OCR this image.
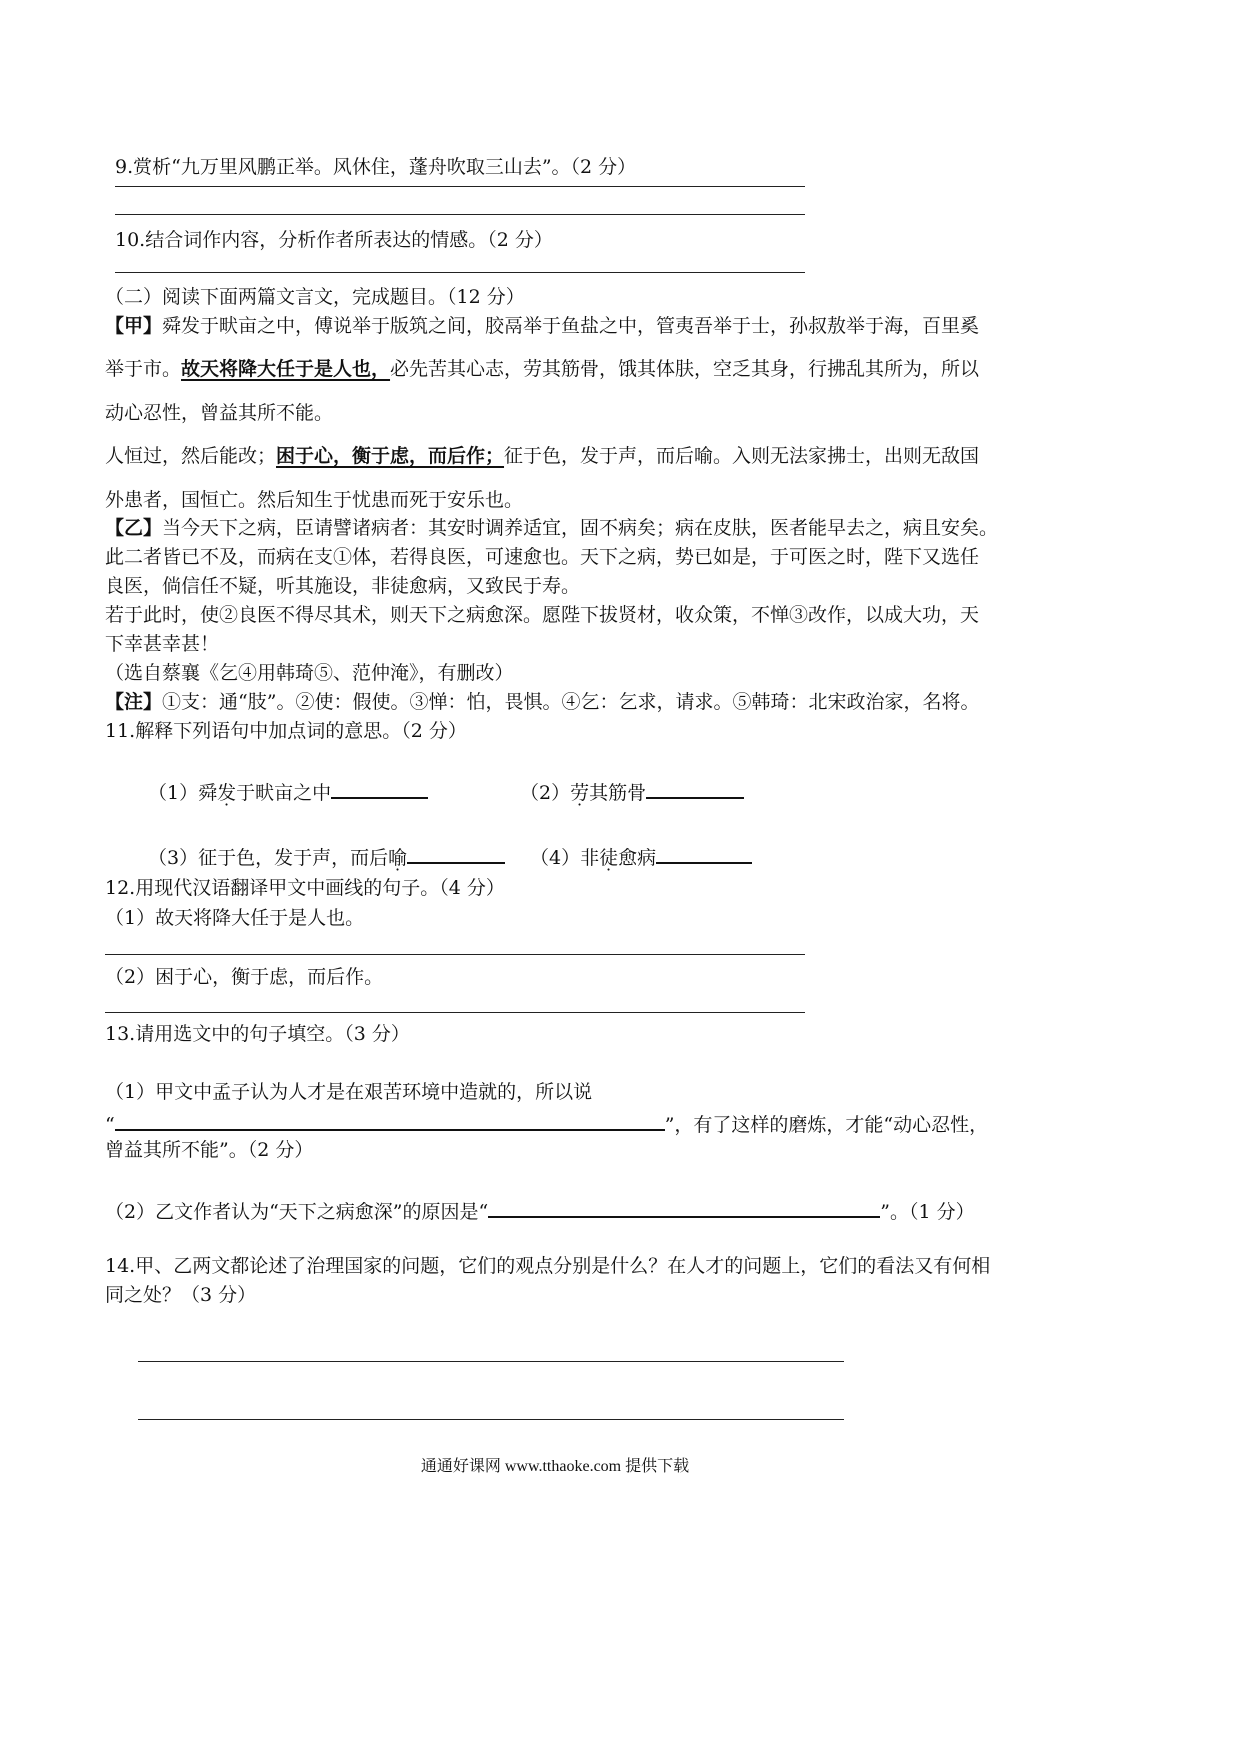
9.赏析“九万里风鹏正举。风休住，蓬舟吹取三山去”。（2 分）
10.结合词作内容，分析作者所表达的情感。（2 分）
（二）阅读下面两篇文言文，完成题目。（12 分）
【甲】舜发于畎亩之中，傅说举于版筑之间，胶鬲举于鱼盐之中，管夷吾举于士，孙叔敖举于海，百里奚
举于市。故天将降大任于是人也，必先苦其心志，劳其筋骨，饿其体肤，空乏其身，行拂乱其所为，所以
动心忍性，曾益其所不能。
人恒过，然后能改；困于心，衡于虑，而后作；征于色，发于声，而后喻。入则无法家拂士，出则无敌国
外患者，国恒亡。然后知生于忧患而死于安乐也。
【乙】当今天下之病，臣请譬诸病者：其安时调养适宜，固不病矣；病在皮肤，医者能早去之，病且安矣。
此二者皆已不及，而病在支①体，若得良医，可速愈也。天下之病，势已如是，于可医之时，陛下又选任
良医，倘信任不疑，听其施设，非徒愈病，又致民于寿。
若于此时，使②良医不得尽其术，则天下之病愈深。愿陛下拔贤材，收众策，不惮③改作，以成大功，天
下幸甚幸甚！
（选自蔡襄《乞④用韩琦⑤、范仲淹》，有删改）
【注】①支：通“肢”。②使：假使。③惮：怕，畏惧。④乞：乞求，请求。⑤韩琦：北宋政治家，名将。
11.解释下列语句中加点词的意思。（2 分）
（1）舜发于畎亩之中	（2）劳其筋骨
（3）征于色，发于声，而后喻	（4）非徒愈病
12.用现代汉语翻译甲文中画线的句子。（4 分）
（1）故天将降大任于是人也。
（2）困于心，衡于虑，而后作。
13.请用选文中的句子填空。（3 分）
（1）甲文中孟子认为人才是在艰苦环境中造就的，所以说
“	”，有了这样的磨炼，才能“动心忍性，
曾益其所不能”。（2 分）
（2）乙文作者认为“天下之病愈深”的原因是“	”。（1 分）
14.甲、乙两文都论述了治理国家的问题，它们的观点分别是什么？在人才的问题上，它们的看法又有何相
同之处？（3 分）
通通好课网 www.tthaoke.com 提供下载
